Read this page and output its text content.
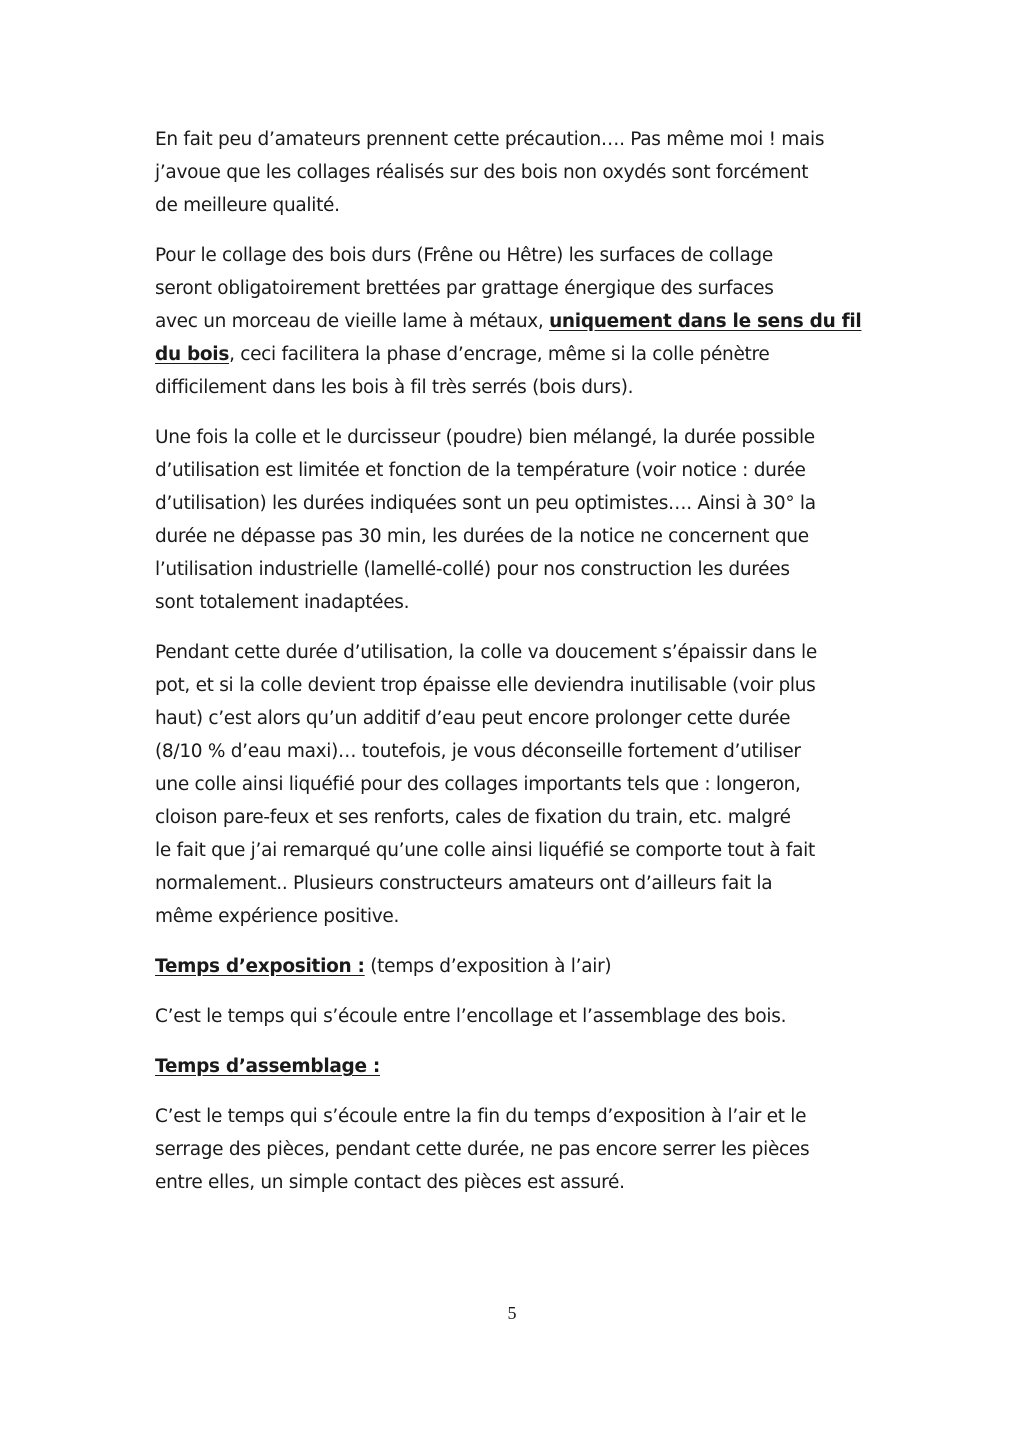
En fait peu d’amateurs prennent cette précaution…. Pas même moi ! mais
j’avoue que les collages réalisés sur des bois non oxydés sont forcément
de meilleure qualité.

Pour le collage des bois durs (Frêne ou Hêtre) les surfaces de collage
seront obligatoirement brettées par grattage énergique des surfaces
avec un morceau de vieille lame à métaux, uniquement dans le sens du fil
du bois, ceci facilitera la phase d’encrage, même si la colle pénètre
difficilement dans les bois à fil très serrés (bois durs).

Une fois la colle et le durcisseur (poudre) bien mélangé, la durée possible
d’utilisation est limitée et fonction de la température (voir notice : durée
d’utilisation) les durées indiquées sont un peu optimistes…. Ainsi à 30° la
durée ne dépasse pas 30 min, les durées de la notice ne concernent que
l’utilisation industrielle (lamellé-collé) pour nos construction les durées
sont totalement inadaptées.

Pendant cette durée d’utilisation, la colle va doucement s’épaissir dans le
pot, et si la colle devient trop épaisse elle deviendra inutilisable (voir plus
haut) c’est alors qu’un additif d’eau peut encore prolonger cette durée
(8/10 % d’eau maxi)… toutefois, je vous déconseille fortement d’utiliser
une colle ainsi liquéfié pour des collages importants tels que : longeron,
cloison pare-feux et ses renforts, cales de fixation du train, etc. malgré
le fait que j’ai remarqué qu’une colle ainsi liquéfié se comporte tout à fait
normalement.. Plusieurs constructeurs amateurs ont d’ailleurs fait la
même expérience positive.

Temps d’exposition : (temps d’exposition à l’air)

C’est le temps qui s’écoule entre l’encollage et l’assemblage des bois.

Temps d’assemblage :

C’est le temps qui s’écoule entre la fin du temps d’exposition à l’air et le
serrage des pièces, pendant cette durée, ne pas encore serrer les pièces
entre elles, un simple contact des pièces est assuré.

5
